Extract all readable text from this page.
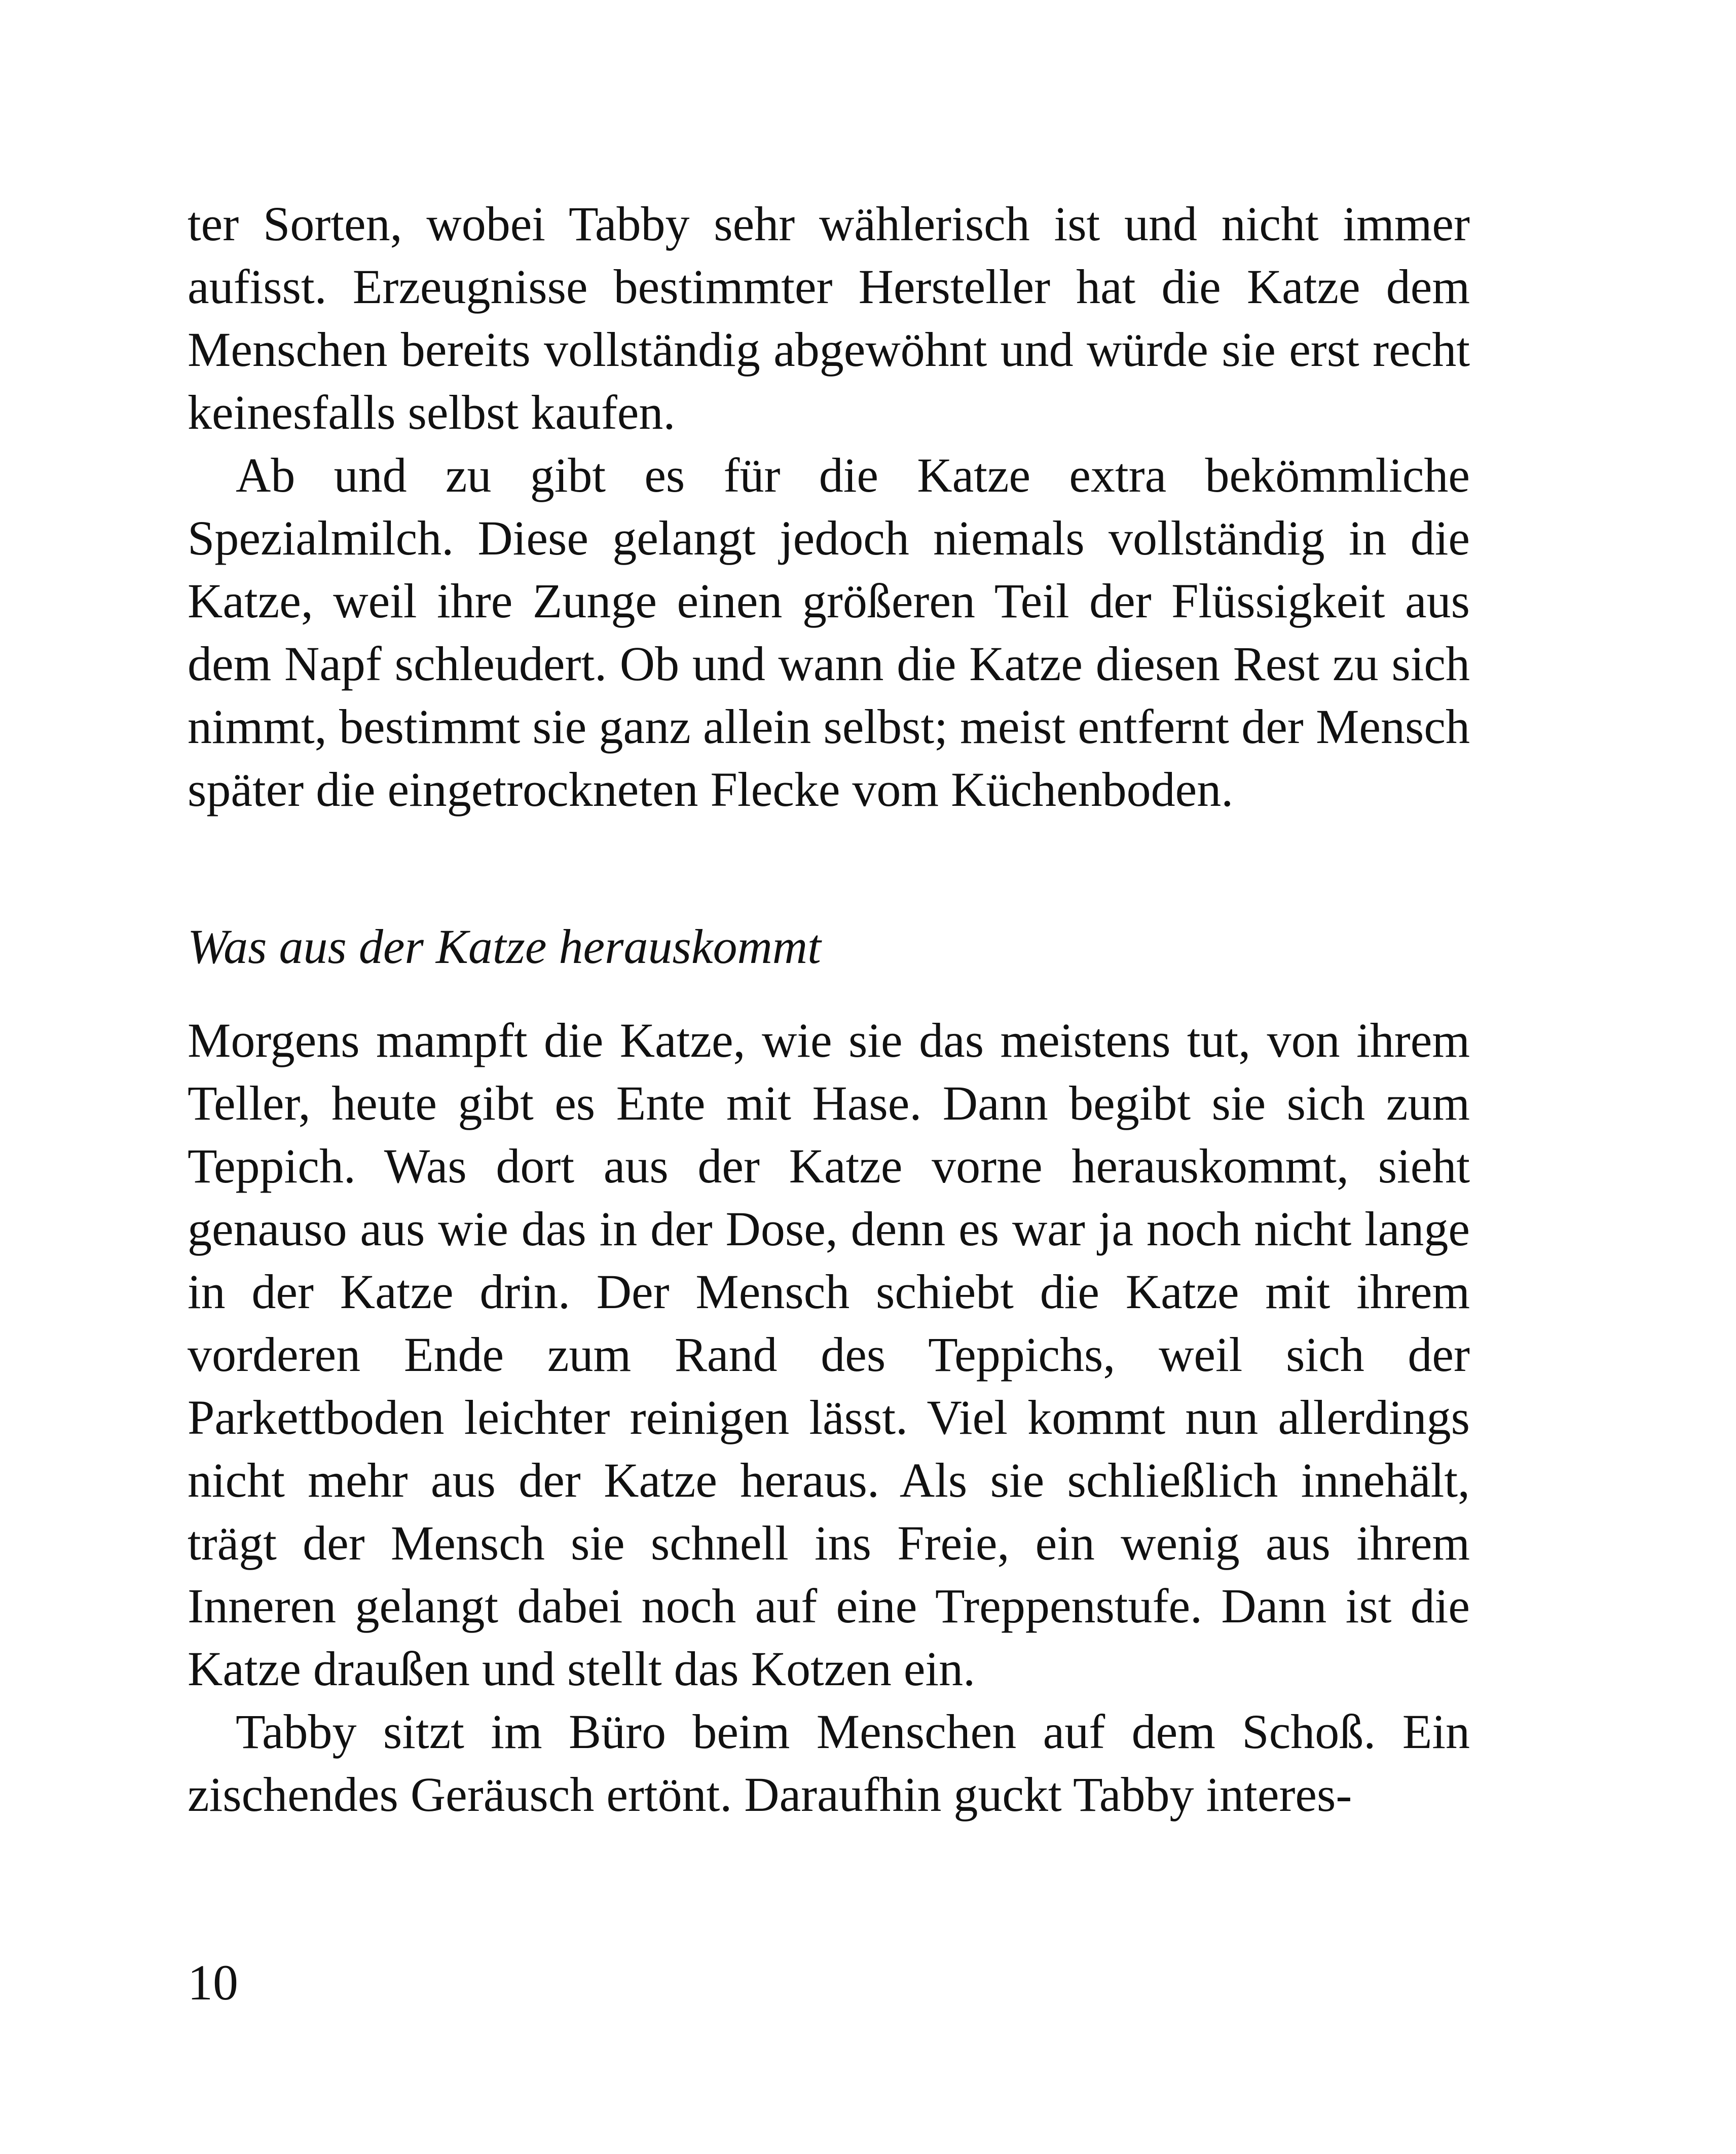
ter Sorten, wobei Tabby sehr wählerisch ist und nicht immer aufisst. Erzeugnisse bestimmter Hersteller hat die Katze dem Menschen bereits vollständig abgewöhnt und würde sie erst recht keinesfalls selbst kaufen.

Ab und zu gibt es für die Katze extra bekömmliche Spezialmilch. Diese gelangt jedoch niemals vollständig in die Katze, weil ihre Zunge einen größeren Teil der Flüssigkeit aus dem Napf schleudert. Ob und wann die Katze diesen Rest zu sich nimmt, bestimmt sie ganz allein selbst; meist entfernt der Mensch später die eingetrockneten Flecke vom Küchenboden.

Was aus der Katze herauskommt

Morgens mampft die Katze, wie sie das meistens tut, von ihrem Teller, heute gibt es Ente mit Hase. Dann begibt sie sich zum Teppich. Was dort aus der Katze vorne herauskommt, sieht genauso aus wie das in der Dose, denn es war ja noch nicht lange in der Katze drin. Der Mensch schiebt die Katze mit ihrem vorderen Ende zum Rand des Teppichs, weil sich der Parkettboden leichter reinigen lässt. Viel kommt nun allerdings nicht mehr aus der Katze heraus. Als sie schließlich innehält, trägt der Mensch sie schnell ins Freie, ein wenig aus ihrem Inneren gelangt dabei noch auf eine Treppenstufe. Dann ist die Katze draußen und stellt das Kotzen ein.

Tabby sitzt im Büro beim Menschen auf dem Schoß. Ein zischendes Geräusch ertönt. Daraufhin guckt Tabby interes-

10
